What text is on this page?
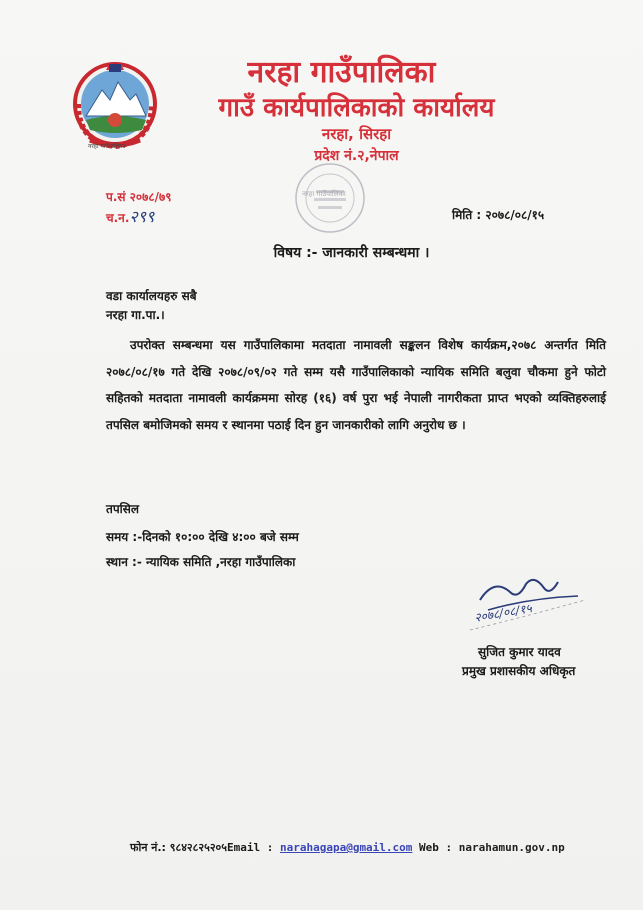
नरहा गाउँपालिका
नरहा गाउँपालिका
गाउँ कार्यपालिकाको कार्यालय
नरहा, सिरहा
प्रदेश नं.२,नेपाल
नरहा गाउँपालिका
प.सं २०७८/७९
च.न.२९९	मिति : २०७८/०८/१५
विषय :- जानकारी सम्बन्धमा ।
वडा कार्यालयहरु सबै
नरहा गा.पा.।
उपरोक्त सम्बन्धमा यस गाउँपालिकामा मतदाता नामावली सङ्कलन विशेष कार्यक्रम,२०७८ अन्तर्गत मिति २०७८/०८/१७ गते देखि २०७८/०९/०२ गते सम्म यसै गाउँपालिकाको न्यायिक समिति बलुवा चौकमा हुने फोटो सहितको मतदाता नामावली कार्यक्रममा सोरह (१६) वर्ष पुरा भई नेपाली नागरीकता प्राप्त भएको व्यक्तिहरुलाई तपसिल बमोजिमको समय र स्थानमा पठाई दिन हुन जानकारीको लागि अनुरोध छ ।
तपसिल
समय :-दिनको १०:०० देखि ४:०० बजे सम्म
स्थान :- न्यायिक समिति ,नरहा गाउँपालिका
२०७८/०८/१५
सुजित कुमार यादव
प्रमुख प्रशासकीय अधिकृत
फोन नं.: ९८४२८२५२०५Email : narahagapa@gmail.com Web : narahamun.gov.np
